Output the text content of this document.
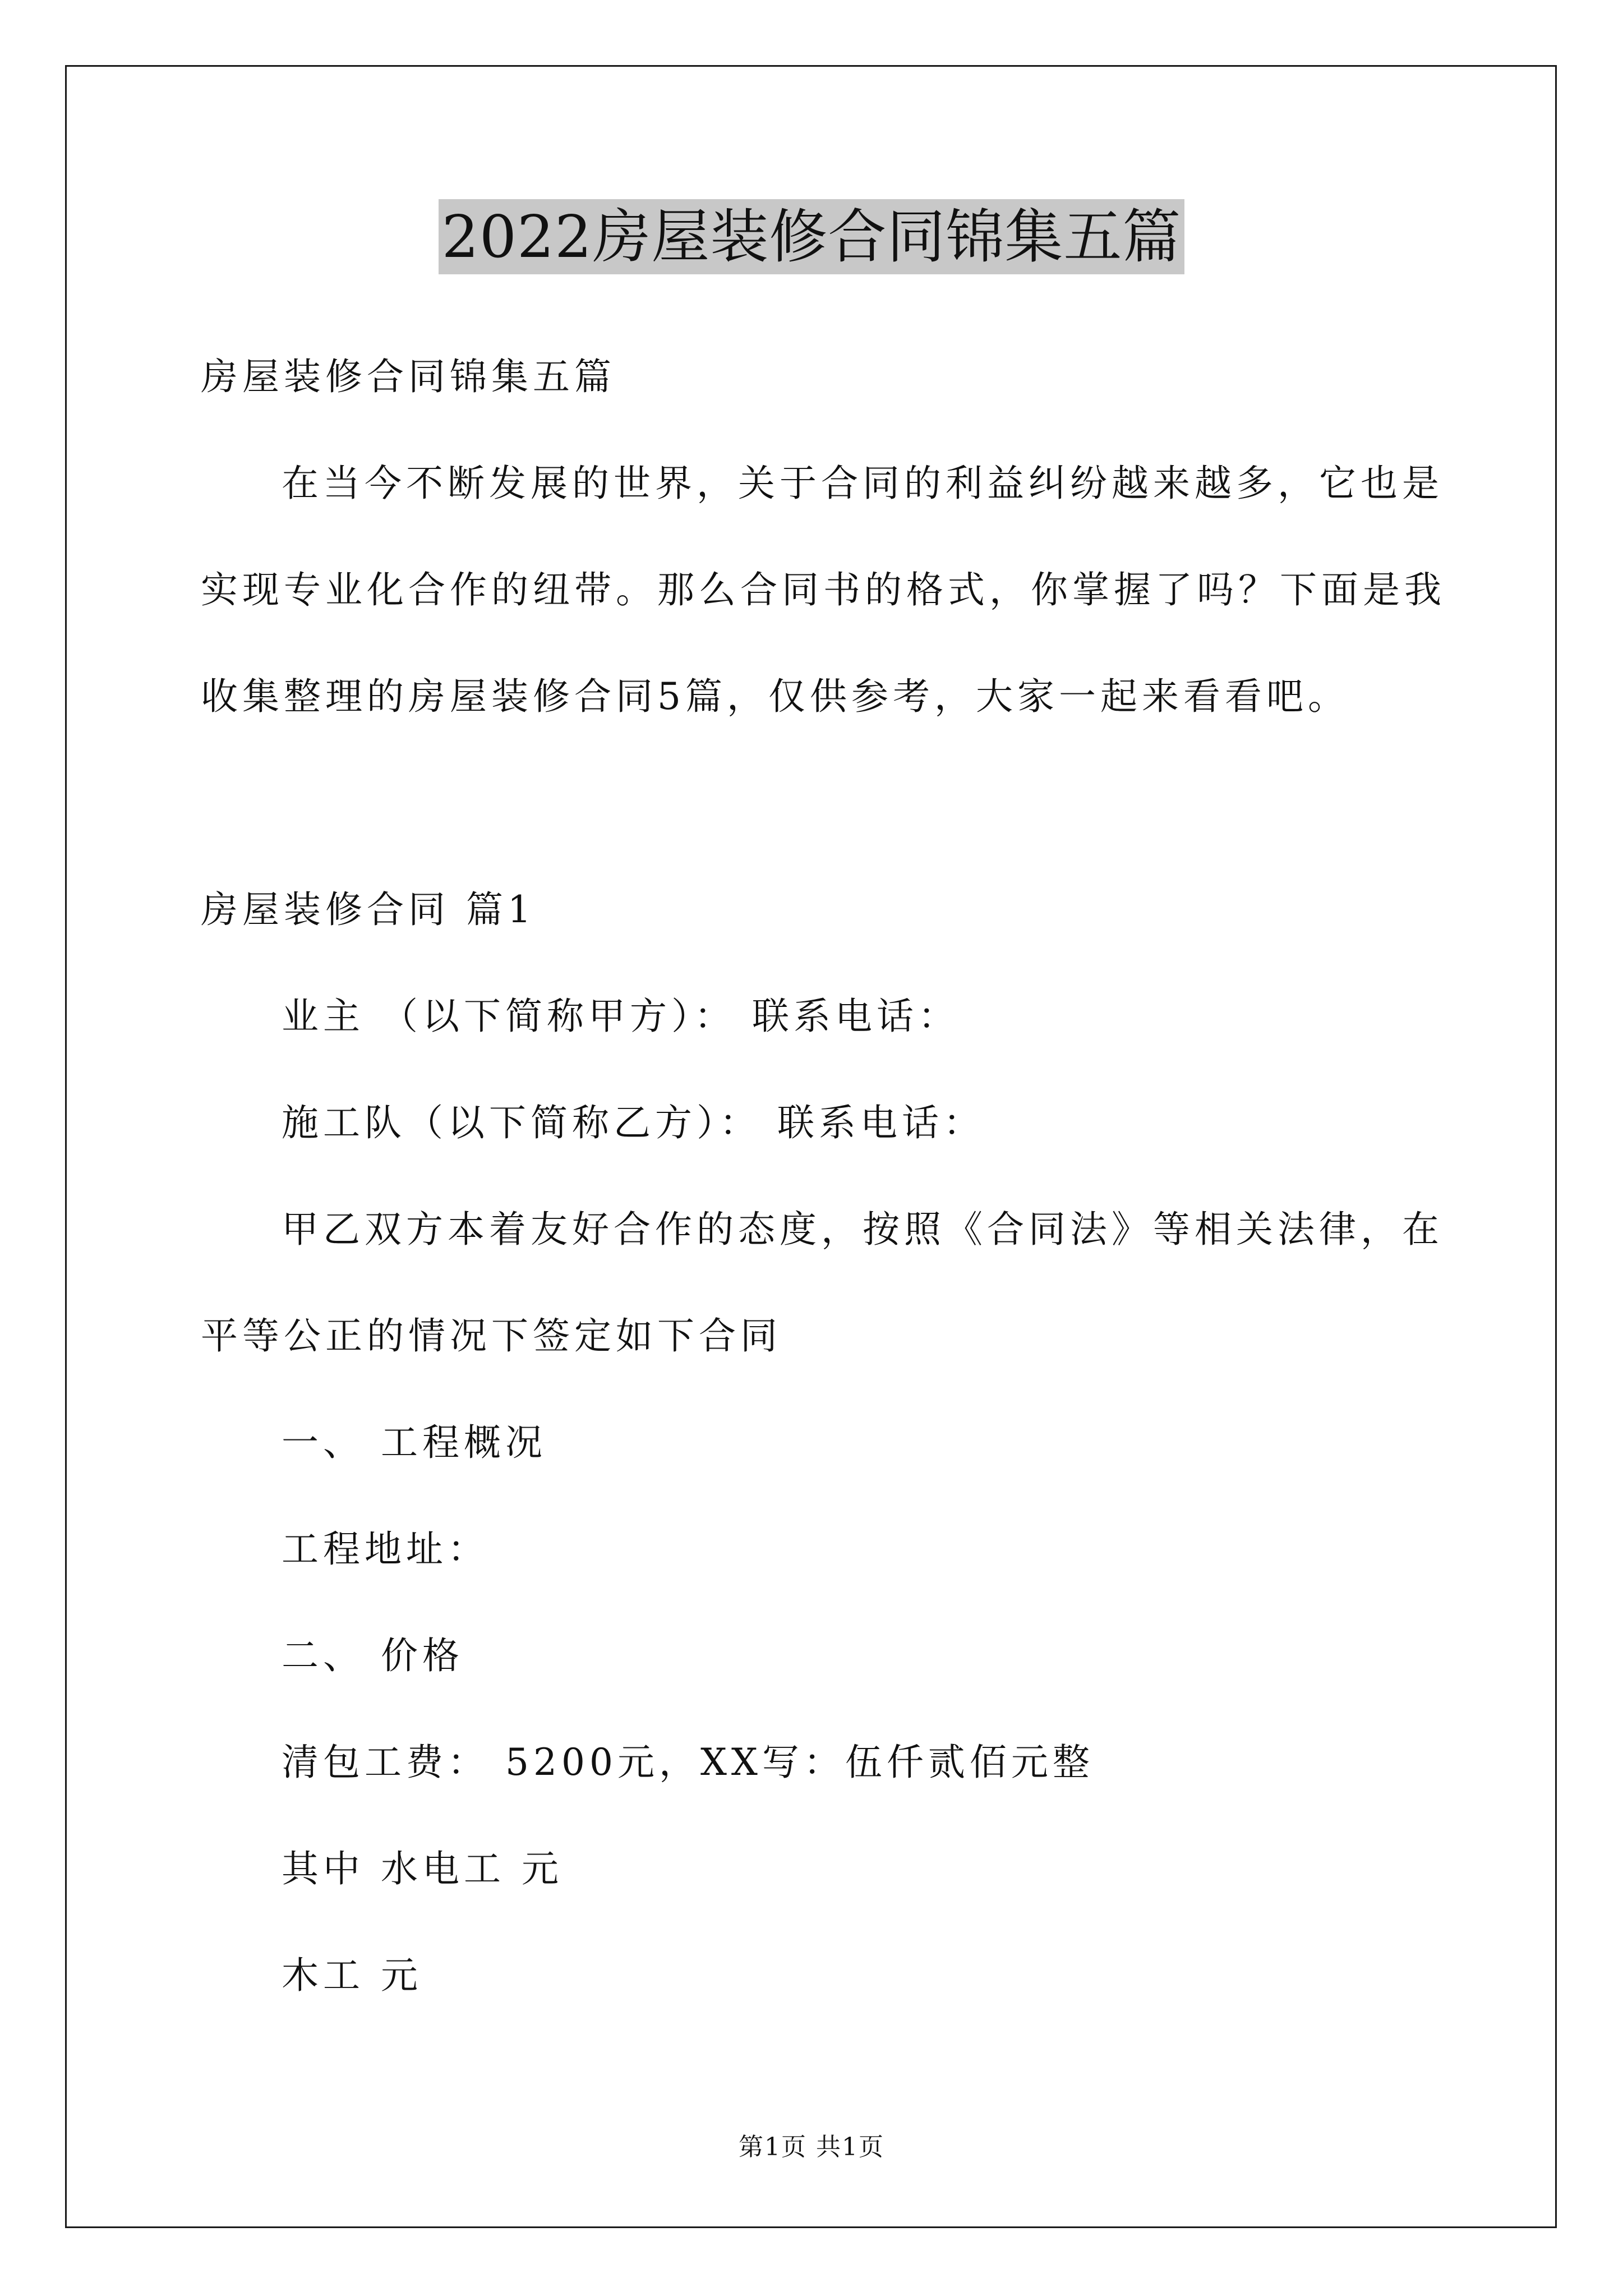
2022房屋装修合同锦集五篇
房屋装修合同锦集五篇
在当今不断发展的世界，关于合同的利益纠纷越来越多，它也是
实现专业化合作的纽带。那么合同书的格式，你掌握了吗？下面是我
收集整理的房屋装修合同5篇，仅供参考，大家一起来看看吧。
房屋装修合同 篇1
业主 （以下简称甲方）： 联系电话：
施工队（以下简称乙方）： 联系电话：
甲乙双方本着友好合作的态度，按照《合同法》等相关法律，在
平等公正的情况下签定如下合同
一、 工程概况
工程地址：
二、 价格
清包工费： 5200元，XX写：伍仟贰佰元整
其中 水电工 元
木工 元
第1页 共1页
